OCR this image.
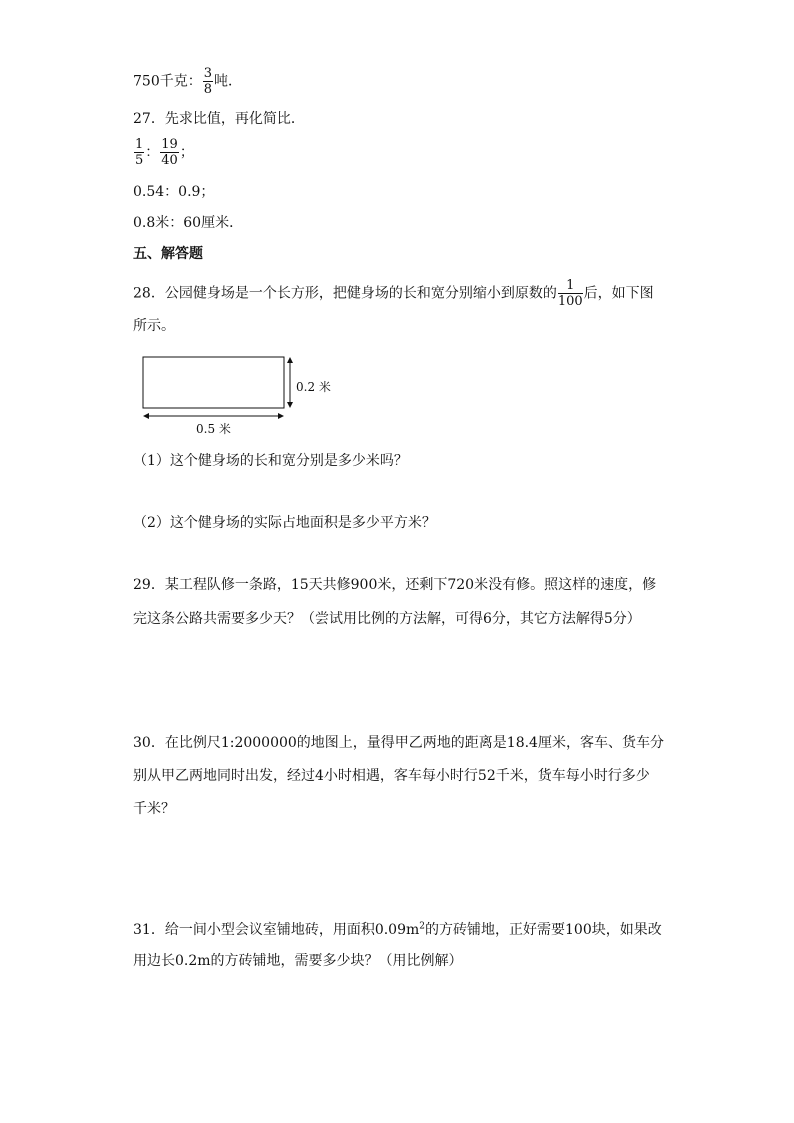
750千克： $\frac{3}{8}$ 吨．
27．先求比值，再化简比．
$\frac{1}{5}$ ： $\frac{19}{40}$ ；
0.54：0.9；
0.8米：60厘米．
五、解答题
28．公园健身场是一个长方形，把健身场的长和宽分别缩小到原数的 $\frac{1}{100}$ 后，如下图
所示。
0.2 米
0.5 米
（1）这个健身场的长和宽分别是多少米吗？
（2）这个健身场的实际占地面积是多少平方米？
29．某工程队修一条路，15天共修900米，还剩下720米没有修。照这样的速度，修
完这条公路共需要多少天？（尝试用比例的方法解，可得6分，其它方法解得5分）
30．在比例尺1:2000000的地图上，量得甲乙两地的距离是18.4厘米，客车、货车分
别从甲乙两地同时出发，经过4小时相遇，客车每小时行52千米，货车每小时行多少
千米？
31．给一间小型会议室铺地砖，用面积$0.09m^2$的方砖铺地，正好需要100块，如果改
用边长0.2m的方砖铺地，需要多少块？（用比例解）
